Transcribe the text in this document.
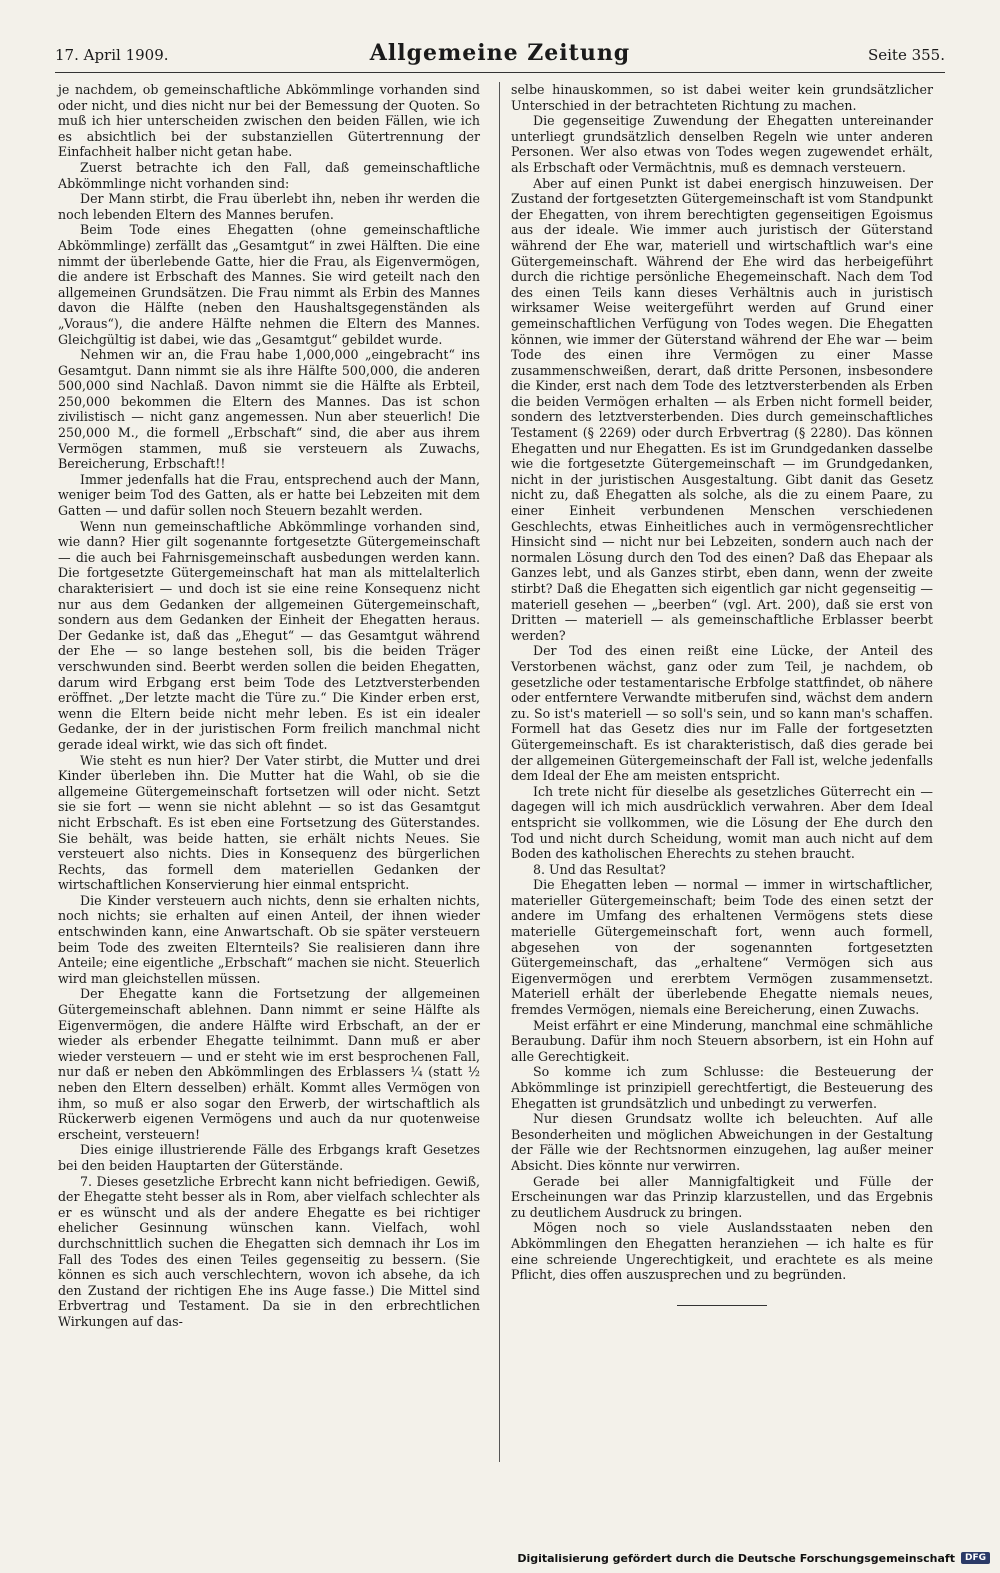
17. April 1909.	Allgemeine Zeitung	Seite 355.

je nachdem, ob gemeinschaftliche Abkömmlinge vorhanden sind oder nicht, und dies nicht nur bei der Bemessung der Quoten. So muß ich hier unterscheiden zwischen den beiden Fällen, wie ich es absichtlich bei der substanziellen Gütertrennung der Einfachheit halber nicht getan habe.

Zuerst betrachte ich den Fall, daß gemeinschaftliche Abkömmlinge nicht vorhanden sind:

Der Mann stirbt, die Frau überlebt ihn, neben ihr werden die noch lebenden Eltern des Mannes berufen.

Beim Tode eines Ehegatten (ohne gemeinschaftliche Abkömmlinge) zerfällt das „Gesamtgut“ in zwei Hälften. Die eine nimmt der überlebende Gatte, hier die Frau, als Eigenvermögen, die andere ist Erbschaft des Mannes. Sie wird geteilt nach den allgemeinen Grundsätzen. Die Frau nimmt als Erbin des Mannes davon die Hälfte (neben den Haushaltsgegenständen als „Voraus“), die andere Hälfte nehmen die Eltern des Mannes. Gleichgültig ist dabei, wie das „Gesamtgut“ gebildet wurde.

Nehmen wir an, die Frau habe 1,000,000 „eingebracht“ ins Gesamtgut. Dann nimmt sie als ihre Hälfte 500,000, die anderen 500,000 sind Nachlaß. Davon nimmt sie die Hälfte als Erbteil, 250,000 bekommen die Eltern des Mannes. Das ist schon zivilistisch — nicht ganz angemessen. Nun aber steuerlich! Die 250,000 M., die formell „Erbschaft“ sind, die aber aus ihrem Vermögen stammen, muß sie versteuern als Zuwachs, Bereicherung, Erbschaft!!

Immer jedenfalls hat die Frau, entsprechend auch der Mann, weniger beim Tod des Gatten, als er hatte bei Lebzeiten mit dem Gatten — und dafür sollen noch Steuern bezahlt werden.

Wenn nun gemeinschaftliche Abkömmlinge vorhanden sind, wie dann? Hier gilt sogenannte fortgesetzte Gütergemeinschaft — die auch bei Fahrnisgemeinschaft ausbedungen werden kann. Die fortgesetzte Gütergemeinschaft hat man als mittelalterlich charakterisiert — und doch ist sie eine reine Konsequenz nicht nur aus dem Gedanken der allgemeinen Gütergemeinschaft, sondern aus dem Gedanken der Einheit der Ehegatten heraus. Der Gedanke ist, daß das „Ehegut“ — das Gesamtgut während der Ehe — so lange bestehen soll, bis die beiden Träger verschwunden sind. Beerbt werden sollen die beiden Ehegatten, darum wird Erbgang erst beim Tode des Letztversterbenden eröffnet. „Der letzte macht die Türe zu.“ Die Kinder erben erst, wenn die Eltern beide nicht mehr leben. Es ist ein idealer Gedanke, der in der juristischen Form freilich manchmal nicht gerade ideal wirkt, wie das sich oft findet.

Wie steht es nun hier? Der Vater stirbt, die Mutter und drei Kinder überleben ihn. Die Mutter hat die Wahl, ob sie die allgemeine Gütergemeinschaft fortsetzen will oder nicht. Setzt sie sie fort — wenn sie nicht ablehnt — so ist das Gesamtgut nicht Erbschaft. Es ist eben eine Fortsetzung des Güterstandes. Sie behält, was beide hatten, sie erhält nichts Neues. Sie versteuert also nichts. Dies in Konsequenz des bürgerlichen Rechts, das formell dem materiellen Gedanken der wirtschaftlichen Konservierung hier einmal entspricht.

Die Kinder versteuern auch nichts, denn sie erhalten nichts, noch nichts; sie erhalten auf einen Anteil, der ihnen wieder entschwinden kann, eine Anwartschaft. Ob sie später versteuern beim Tode des zweiten Elternteils? Sie realisieren dann ihre Anteile; eine eigentliche „Erbschaft“ machen sie nicht. Steuerlich wird man gleichstellen müssen.

Der Ehegatte kann die Fortsetzung der allgemeinen Gütergemeinschaft ablehnen. Dann nimmt er seine Hälfte als Eigenvermögen, die andere Hälfte wird Erbschaft, an der er wieder als erbender Ehegatte teilnimmt. Dann muß er aber wieder versteuern — und er steht wie im erst besprochenen Fall, nur daß er neben den Abkömmlingen des Erblassers ¼ (statt ½ neben den Eltern desselben) erhält. Kommt alles Vermögen von ihm, so muß er also sogar den Erwerb, der wirtschaftlich als Rückerwerb eigenen Vermögens und auch da nur quotenweise erscheint, versteuern!

Dies einige illustrierende Fälle des Erbgangs kraft Gesetzes bei den beiden Hauptarten der Güterstände.

7. Dieses gesetzliche Erbrecht kann nicht befriedigen. Gewiß, der Ehegatte steht besser als in Rom, aber vielfach schlechter als er es wünscht und als der andere Ehegatte es bei richtiger ehelicher Gesinnung wünschen kann. Vielfach, wohl durchschnittlich suchen die Ehegatten sich demnach ihr Los im Fall des Todes des einen Teiles gegenseitig zu bessern. (Sie können es sich auch verschlechtern, wovon ich absehe, da ich den Zustand der richtigen Ehe ins Auge fasse.) Die Mittel sind Erbvertrag und Testament. Da sie in den erbrechtlichen Wirkungen auf das-

selbe hinauskommen, so ist dabei weiter kein grundsätzlicher Unterschied in der betrachteten Richtung zu machen.

Die gegenseitige Zuwendung der Ehegatten untereinander unterliegt grundsätzlich denselben Regeln wie unter anderen Personen. Wer also etwas von Todes wegen zugewendet erhält, als Erbschaft oder Vermächtnis, muß es demnach versteuern.

Aber auf einen Punkt ist dabei energisch hinzuweisen. Der Zustand der fortgesetzten Gütergemeinschaft ist vom Standpunkt der Ehegatten, von ihrem berechtigten gegenseitigen Egoismus aus der ideale. Wie immer auch juristisch der Güterstand während der Ehe war, materiell und wirtschaftlich war's eine Gütergemeinschaft. Während der Ehe wird das herbeigeführt durch die richtige persönliche Ehegemeinschaft. Nach dem Tod des einen Teils kann dieses Verhältnis auch in juristisch wirksamer Weise weitergeführt werden auf Grund einer gemeinschaftlichen Verfügung von Todes wegen. Die Ehegatten können, wie immer der Güterstand während der Ehe war — beim Tode des einen ihre Vermögen zu einer Masse zusammenschweißen, derart, daß dritte Personen, insbesondere die Kinder, erst nach dem Tode des letztversterbenden als Erben die beiden Vermögen erhalten — als Erben nicht formell beider, sondern des letztversterbenden. Dies durch gemeinschaftliches Testament (§ 2269) oder durch Erbvertrag (§ 2280). Das können Ehegatten und nur Ehegatten. Es ist im Grundgedanken dasselbe wie die fortgesetzte Gütergemeinschaft — im Grundgedanken, nicht in der juristischen Ausgestaltung. Gibt danit das Gesetz nicht zu, daß Ehegatten als solche, als die zu einem Paare, zu einer Einheit verbundenen Menschen verschiedenen Geschlechts, etwas Einheitliches auch in vermögensrechtlicher Hinsicht sind — nicht nur bei Lebzeiten, sondern auch nach der normalen Lösung durch den Tod des einen? Daß das Ehepaar als Ganzes lebt, und als Ganzes stirbt, eben dann, wenn der zweite stirbt? Daß die Ehegatten sich eigentlich gar nicht gegenseitig — materiell gesehen — „beerben“ (vgl. Art. 200), daß sie erst von Dritten — materiell — als gemeinschaftliche Erblasser beerbt werden?

Der Tod des einen reißt eine Lücke, der Anteil des Verstorbenen wächst, ganz oder zum Teil, je nachdem, ob gesetzliche oder testamentarische Erbfolge stattfindet, ob nähere oder entferntere Verwandte mitberufen sind, wächst dem andern zu. So ist's materiell — so soll's sein, und so kann man's schaffen. Formell hat das Gesetz dies nur im Falle der fortgesetzten Gütergemeinschaft. Es ist charakteristisch, daß dies gerade bei der allgemeinen Gütergemeinschaft der Fall ist, welche jedenfalls dem Ideal der Ehe am meisten entspricht.

Ich trete nicht für dieselbe als gesetzliches Güterrecht ein — dagegen will ich mich ausdrücklich verwahren. Aber dem Ideal entspricht sie vollkommen, wie die Lösung der Ehe durch den Tod und nicht durch Scheidung, womit man auch nicht auf dem Boden des katholischen Eherechts zu stehen braucht.

8. Und das Resultat?

Die Ehegatten leben — normal — immer in wirtschaftlicher, materieller Gütergemeinschaft; beim Tode des einen setzt der andere im Umfang des erhaltenen Vermögens stets diese materielle Gütergemeinschaft fort, wenn auch formell, abgesehen von der sogenannten fortgesetzten Gütergemeinschaft, das „erhaltene“ Vermögen sich aus Eigenvermögen und ererbtem Vermögen zusammensetzt. Materiell erhält der überlebende Ehegatte niemals neues, fremdes Vermögen, niemals eine Bereicherung, einen Zuwachs.

Meist erfährt er eine Minderung, manchmal eine schmähliche Beraubung. Dafür ihm noch Steuern absorbern, ist ein Hohn auf alle Gerechtigkeit.

So komme ich zum Schlusse: die Besteuerung der Abkömmlinge ist prinzipiell gerechtfertigt, die Besteuerung des Ehegatten ist grundsätzlich und unbedingt zu verwerfen.

Nur diesen Grundsatz wollte ich beleuchten. Auf alle Besonderheiten und möglichen Abweichungen in der Gestaltung der Fälle wie der Rechtsnormen einzugehen, lag außer meiner Absicht. Dies könnte nur verwirren.

Gerade bei aller Mannigfaltigkeit und Fülle der Erscheinungen war das Prinzip klarzustellen, und das Ergebnis zu deutlichem Ausdruck zu bringen.

Mögen noch so viele Auslandsstaaten neben den Abkömmlingen den Ehegatten heranziehen — ich halte es für eine schreiende Ungerechtigkeit, und erachtete es als meine Pflicht, dies offen auszusprechen und zu begründen.

Digitalisierung gefördert durch die Deutsche Forschungsgemeinschaft	DFG
